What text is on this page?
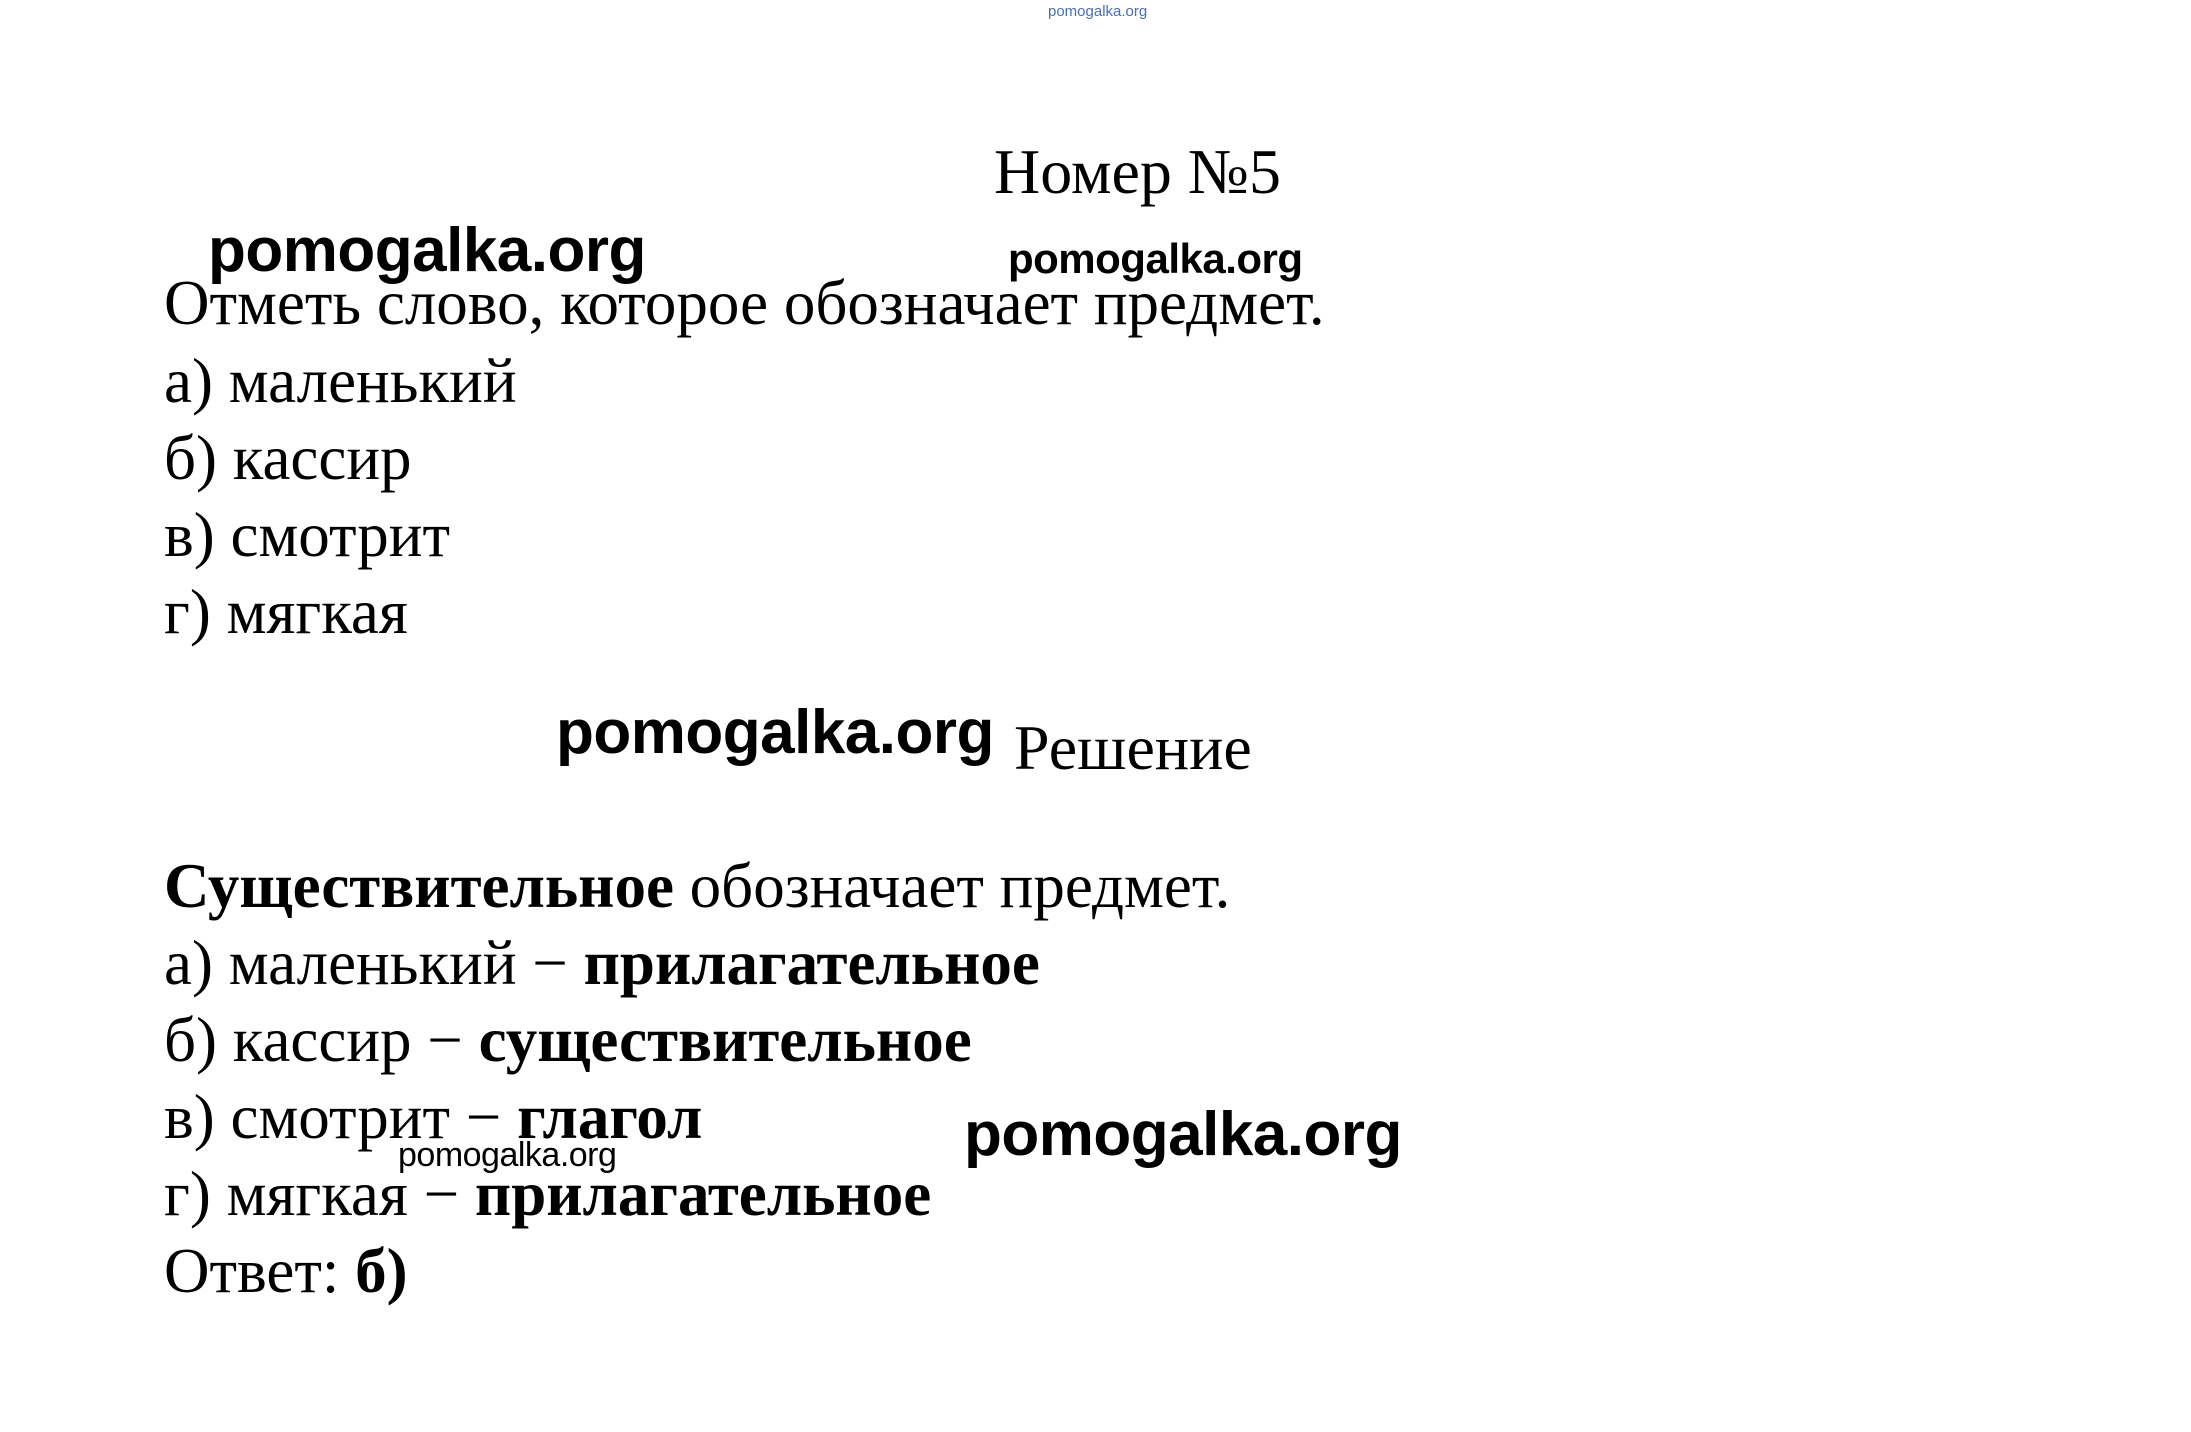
pomogalka.org
Номер №5
pomogalka.org	pomogalka.org
Отметь слово, которое обозначает предмет.
а) маленький
б) кассир
в) смотрит
г) мягкая
pomogalka.org Решение
Существительное обозначает предмет.
а) маленький − прилагательное
б) кассир − существительное
в) смотрит − глагол	pomogalka.org
pomogalka.org
г) мягкая − прилагательное
Ответ: б)
